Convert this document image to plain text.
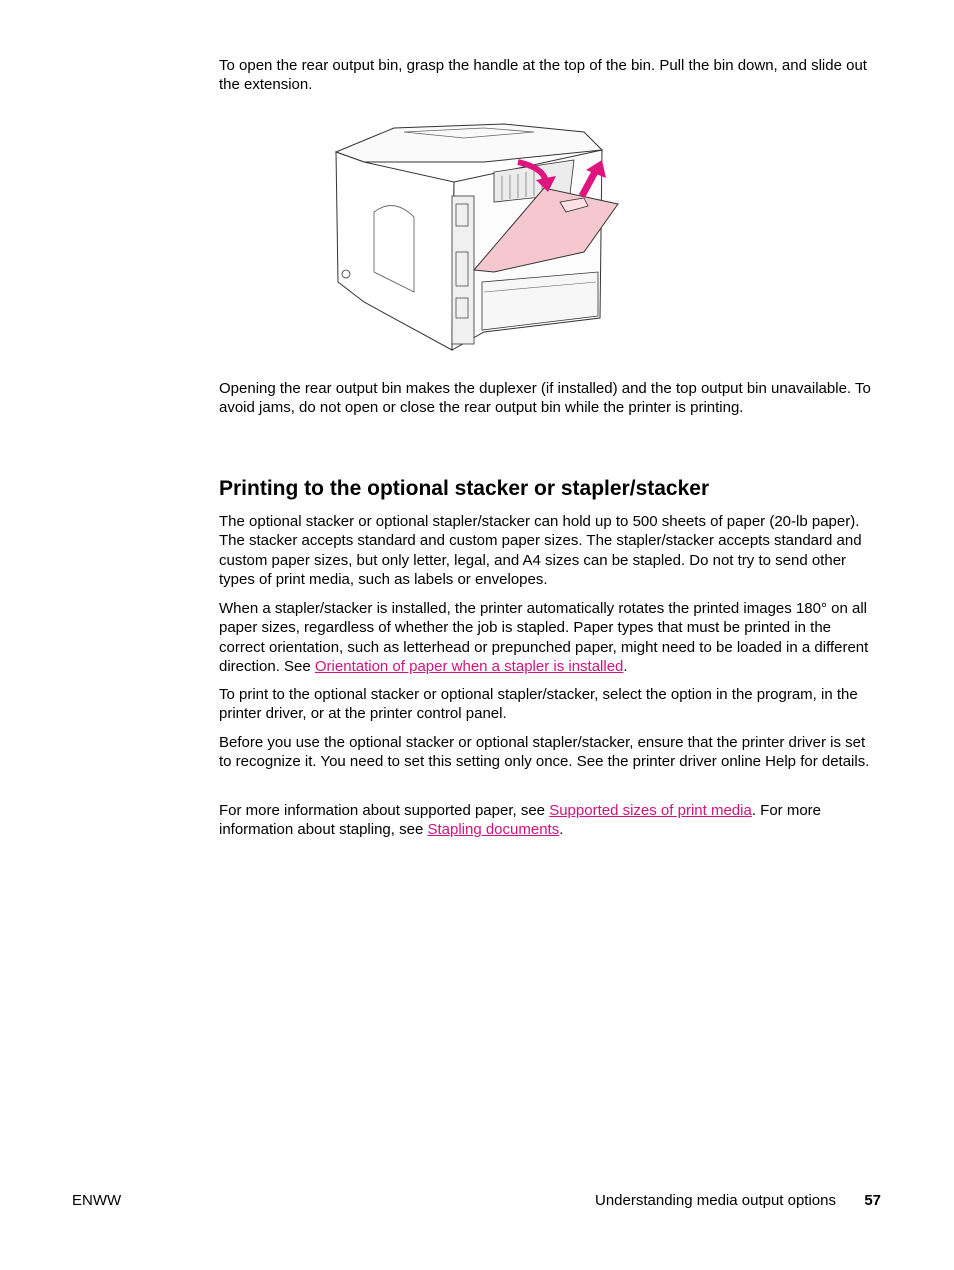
To open the rear output bin, grasp the handle at the top of the bin. Pull the bin down, and slide out the extension.

Opening the rear output bin makes the duplexer (if installed) and the top output bin unavailable. To avoid jams, do not open or close the rear output bin while the printer is printing.

Printing to the optional stacker or stapler/stacker

The optional stacker or optional stapler/stacker can hold up to 500 sheets of paper (20-lb paper). The stacker accepts standard and custom paper sizes. The stapler/stacker accepts standard and custom paper sizes, but only letter, legal, and A4 sizes can be stapled. Do not try to send other types of print media, such as labels or envelopes.

When a stapler/stacker is installed, the printer automatically rotates the printed images 180° on all paper sizes, regardless of whether the job is stapled. Paper types that must be printed in the correct orientation, such as letterhead or prepunched paper, might need to be loaded in a different direction. See Orientation of paper when a stapler is installed.

To print to the optional stacker or optional stapler/stacker, select the option in the program, in the printer driver, or at the printer control panel.

Before you use the optional stacker or optional stapler/stacker, ensure that the printer driver is set to recognize it. You need to set this setting only once. See the printer driver online Help for details.

For more information about supported paper, see Supported sizes of print media. For more information about stapling, see Stapling documents.

ENWW	Understanding media output options 57
